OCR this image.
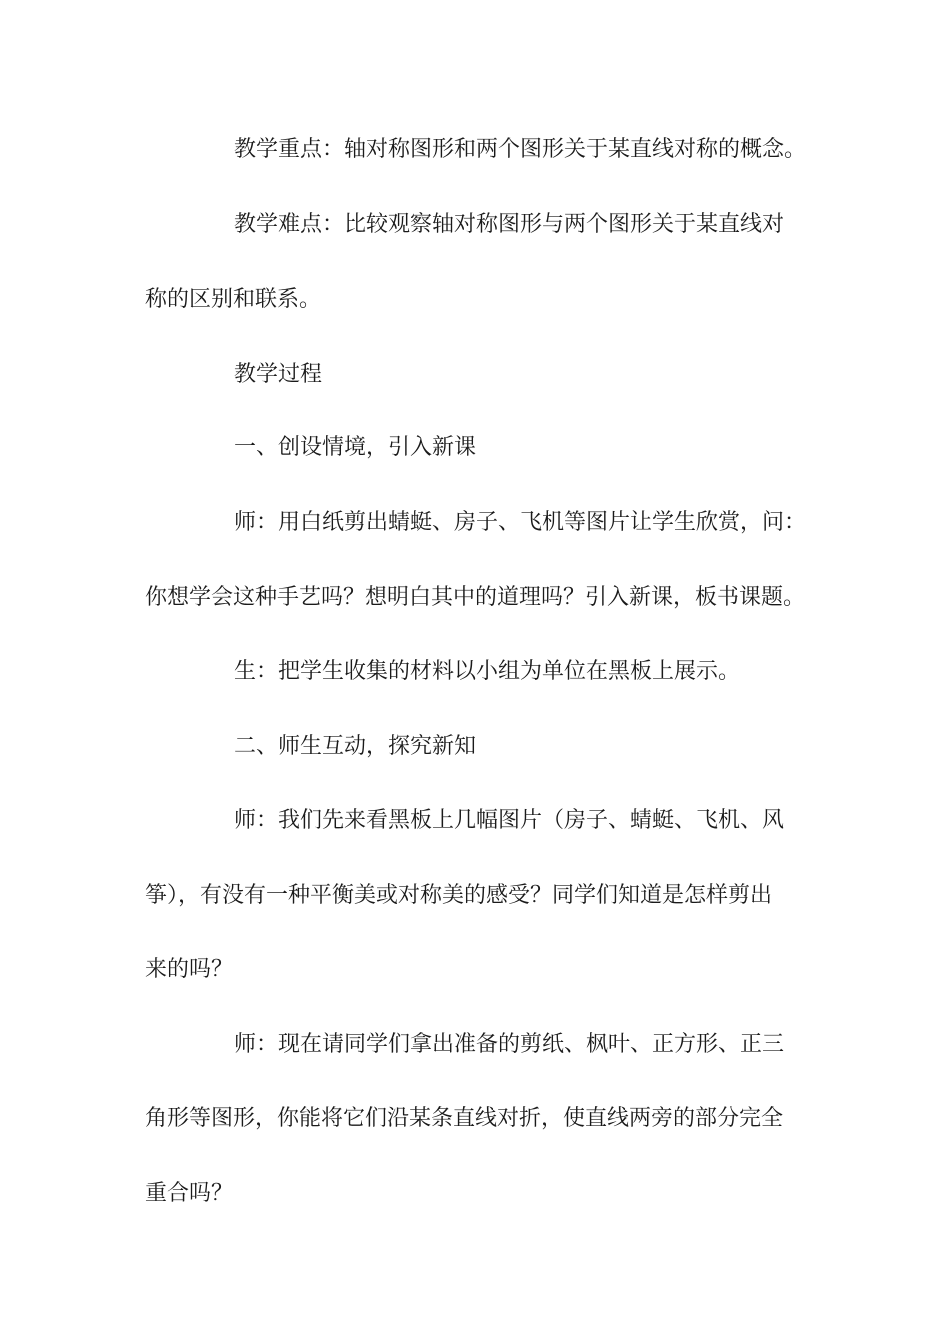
教学重点：轴对称图形和两个图形关于某直线对称的概念。
教学难点：比较观察轴对称图形与两个图形关于某直线对
称的区别和联系。
教学过程
一、创设情境，引入新课
师：用白纸剪出蜻蜓、房子、飞机等图片让学生欣赏，问：
你想学会这种手艺吗？想明白其中的道理吗？引入新课，板书课题。
生：把学生收集的材料以小组为单位在黑板上展示。
二、师生互动，探究新知
师：我们先来看黑板上几幅图片（房子、蜻蜓、飞机、风
筝），有没有一种平衡美或对称美的感受？同学们知道是怎样剪出
来的吗？
师：现在请同学们拿出准备的剪纸、枫叶、正方形、正三
角形等图形，你能将它们沿某条直线对折，使直线两旁的部分完全
重合吗？
